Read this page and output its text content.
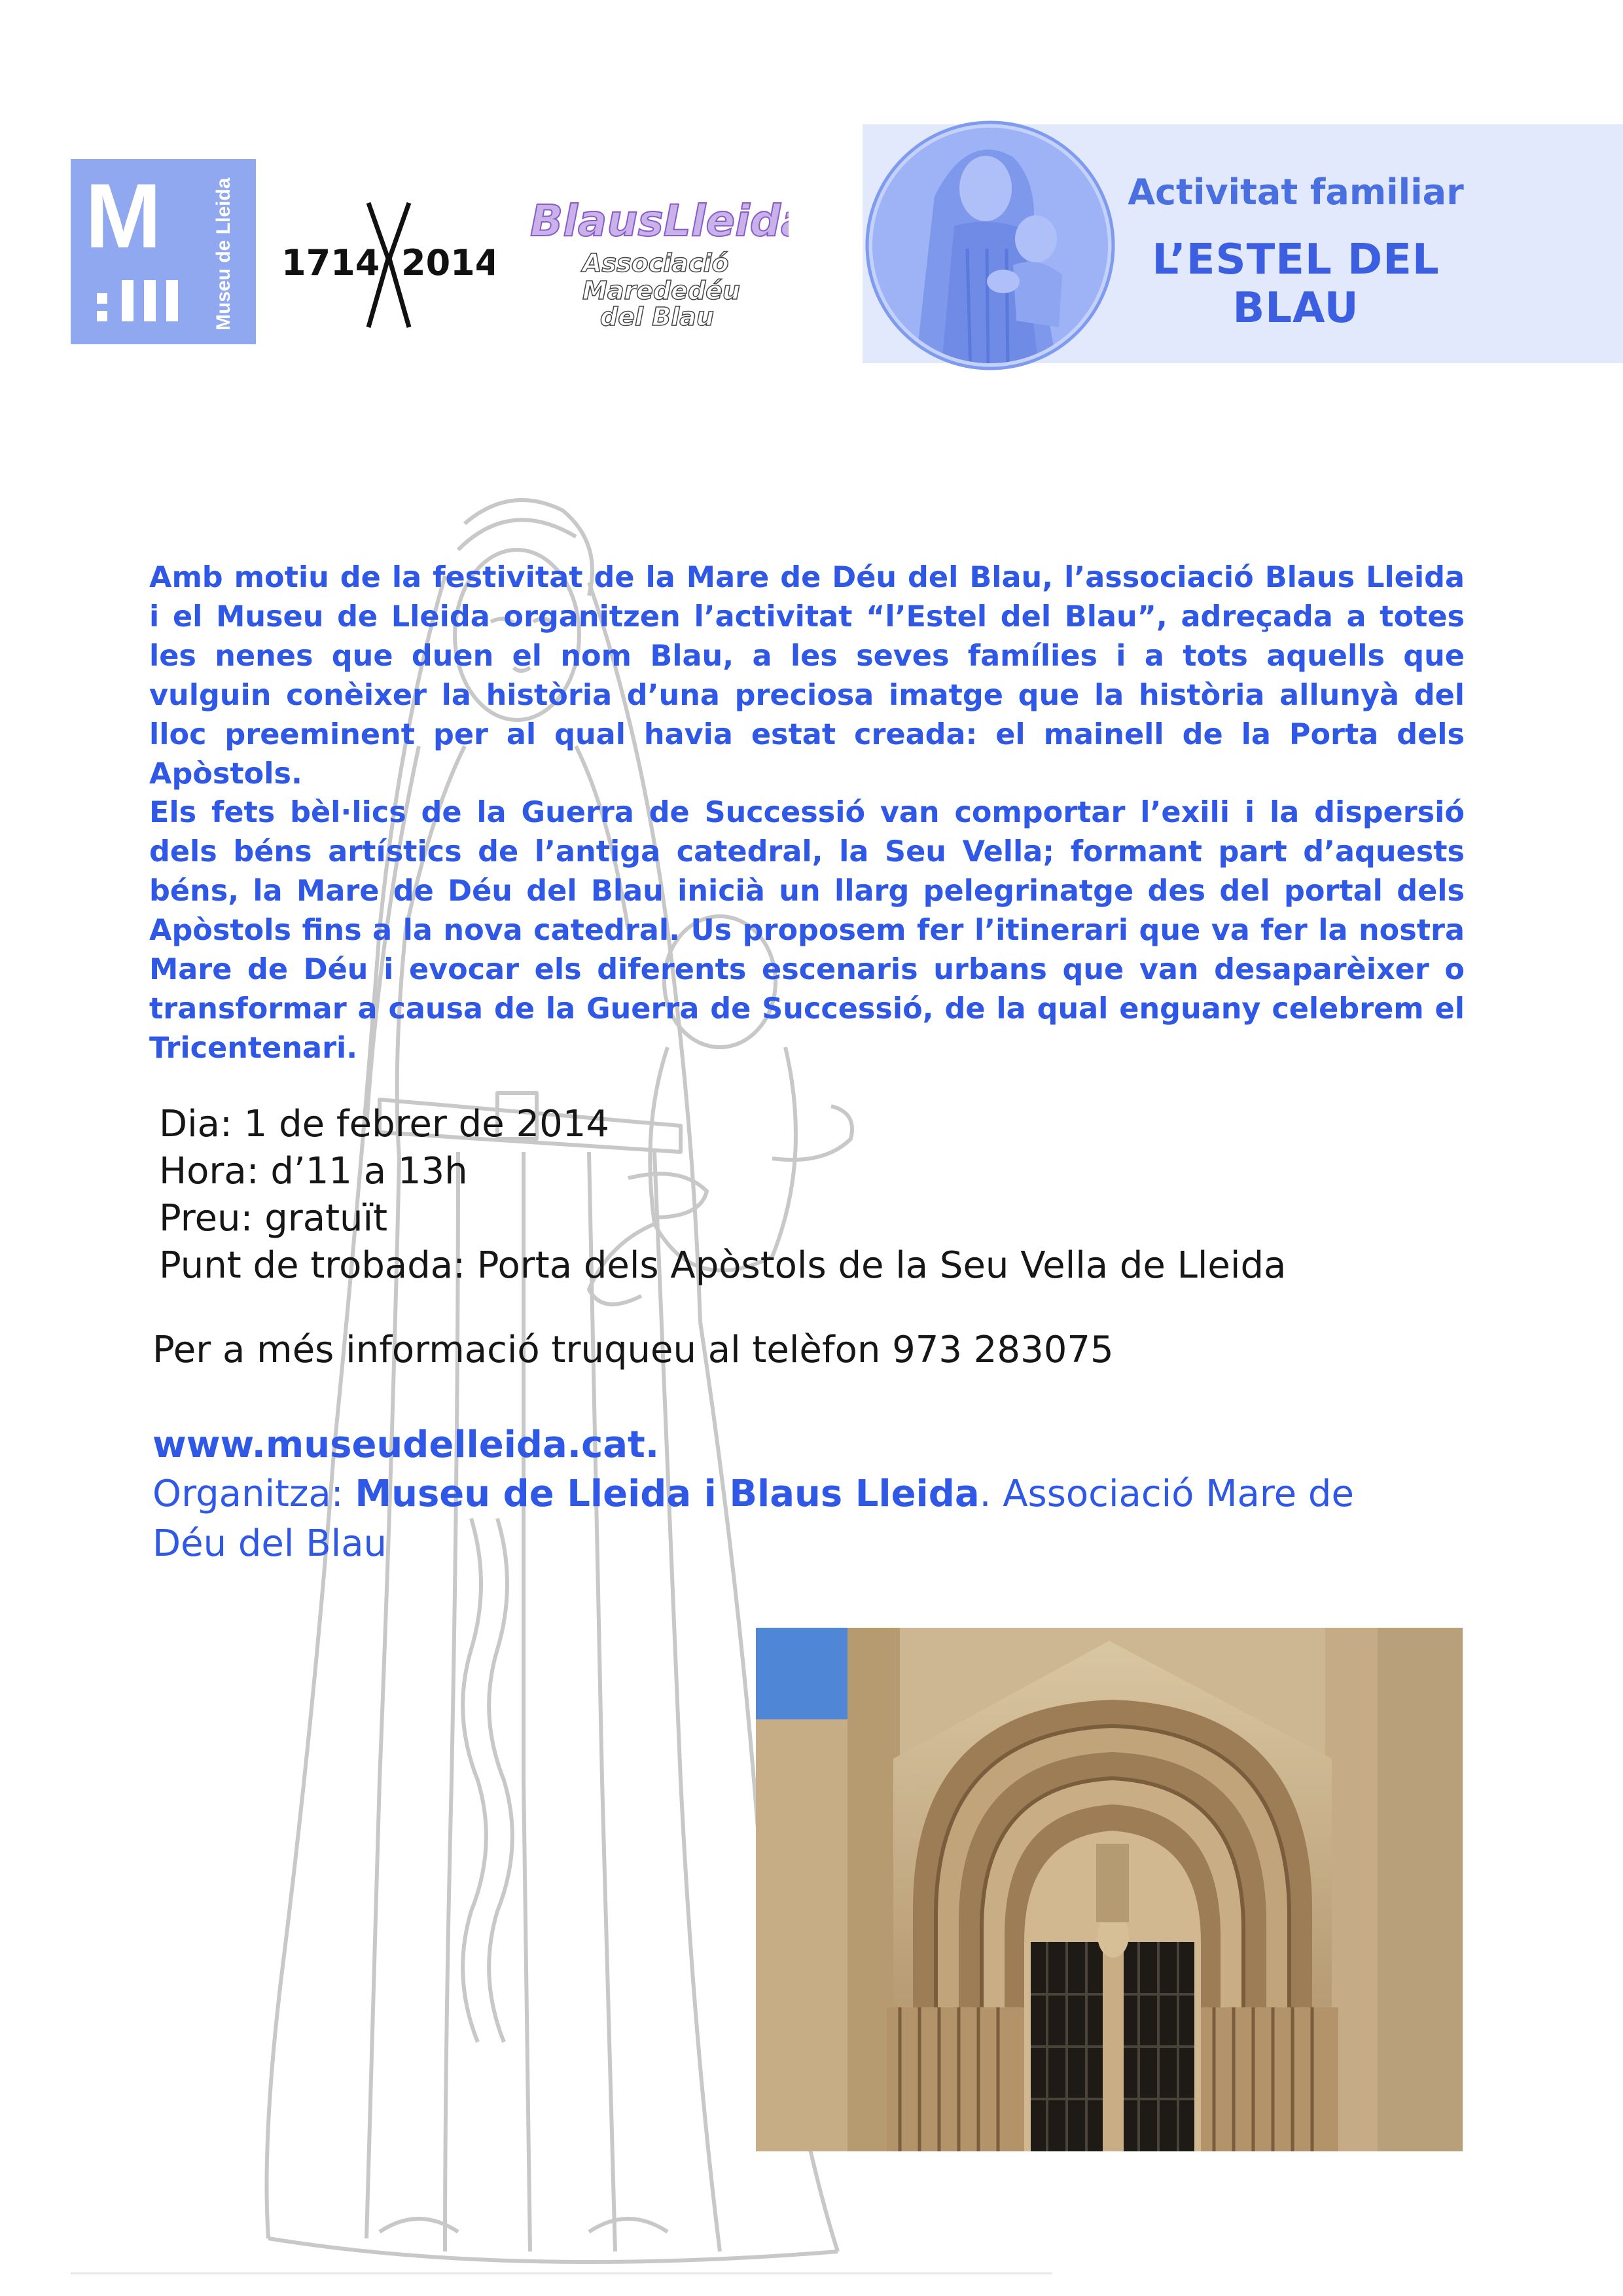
M	Museu de Lleida 1714 2014
BlausLleida
Associació
Marededéu
del Blau
Activitat familiar
L’ESTEL DEL BLAU
Amb motiu de la festivitat de la Mare de Déu del Blau, l’associació Blaus Lleida i el Museu de Lleida organitzen l’activitat “l’Estel del Blau”, adreçada a totes les nenes que duen el nom Blau, a les seves famílies i a tots aquells que vulguin conèixer la història d’una preciosa imatge que la història allunyà del lloc preeminent per al qual havia estat creada: el mainell de la Porta dels Apòstols.
Els fets bèl·lics de la Guerra de Successió van comportar l’exili i la dispersió dels béns artístics de l’antiga catedral, la Seu Vella; formant part d’aquests béns, la Mare de Déu del Blau inicià un llarg pelegrinatge des del portal dels Apòstols fins a la nova catedral. Us proposem fer l’itinerari que va fer la nostra Mare de Déu i evocar els diferents escenaris urbans que van desaparèixer o transformar a causa de la Guerra de Successió, de la qual enguany celebrem el Tricentenari.
Dia: 1 de febrer de 2014
Hora: d’11 a 13h
Preu: gratuït
Punt de trobada: Porta dels Apòstols de la Seu Vella de Lleida
Per a més informació truqueu al telèfon 973 283075
www.museudelleida.cat.
Organitza: Museu de Lleida i Blaus Lleida. Associació Mare de Déu del Blau
